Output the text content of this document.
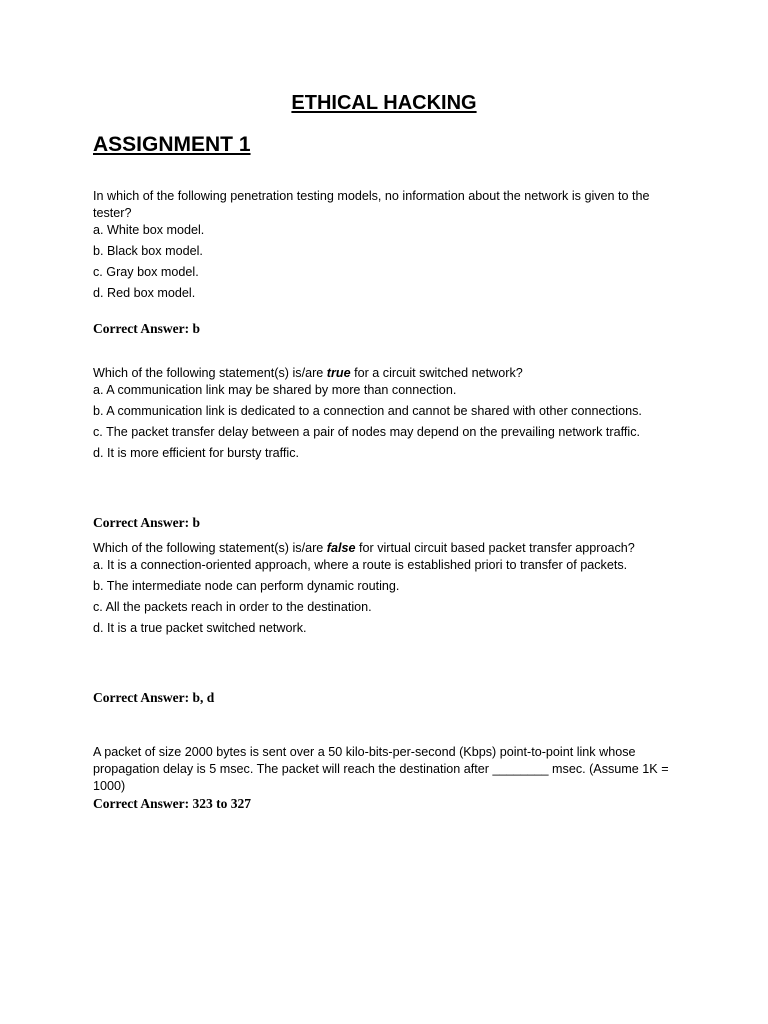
ETHICAL HACKING
ASSIGNMENT 1

In which of the following penetration testing models, no information about the network is given to the tester?

a. White box model.

b. Black box model.

c. Gray box model.

d. Red box model.

Correct Answer: b

Which of the following statement(s) is/are true for a circuit switched network?

a. A communication link may be shared by more than connection.

b. A communication link is dedicated to a connection and cannot be shared with other connections.

c. The packet transfer delay between a pair of nodes may depend on the prevailing network traffic.

d. It is more efficient for bursty traffic.

Correct Answer: b

Which of the following statement(s) is/are false for virtual circuit based packet transfer approach?

a. It is a connection-oriented approach, where a route is established priori to transfer of packets.

b. The intermediate node can perform dynamic routing.

c. All the packets reach in order to the destination.

d. It is a true packet switched network.

Correct Answer: b, d

A packet of size 2000 bytes is sent over a 50 kilo-bits-per-second (Kbps) point-to-point link whose propagation delay is 5 msec. The packet will reach the destination after ________ msec. (Assume 1K = 1000)

Correct Answer: 323 to 327
